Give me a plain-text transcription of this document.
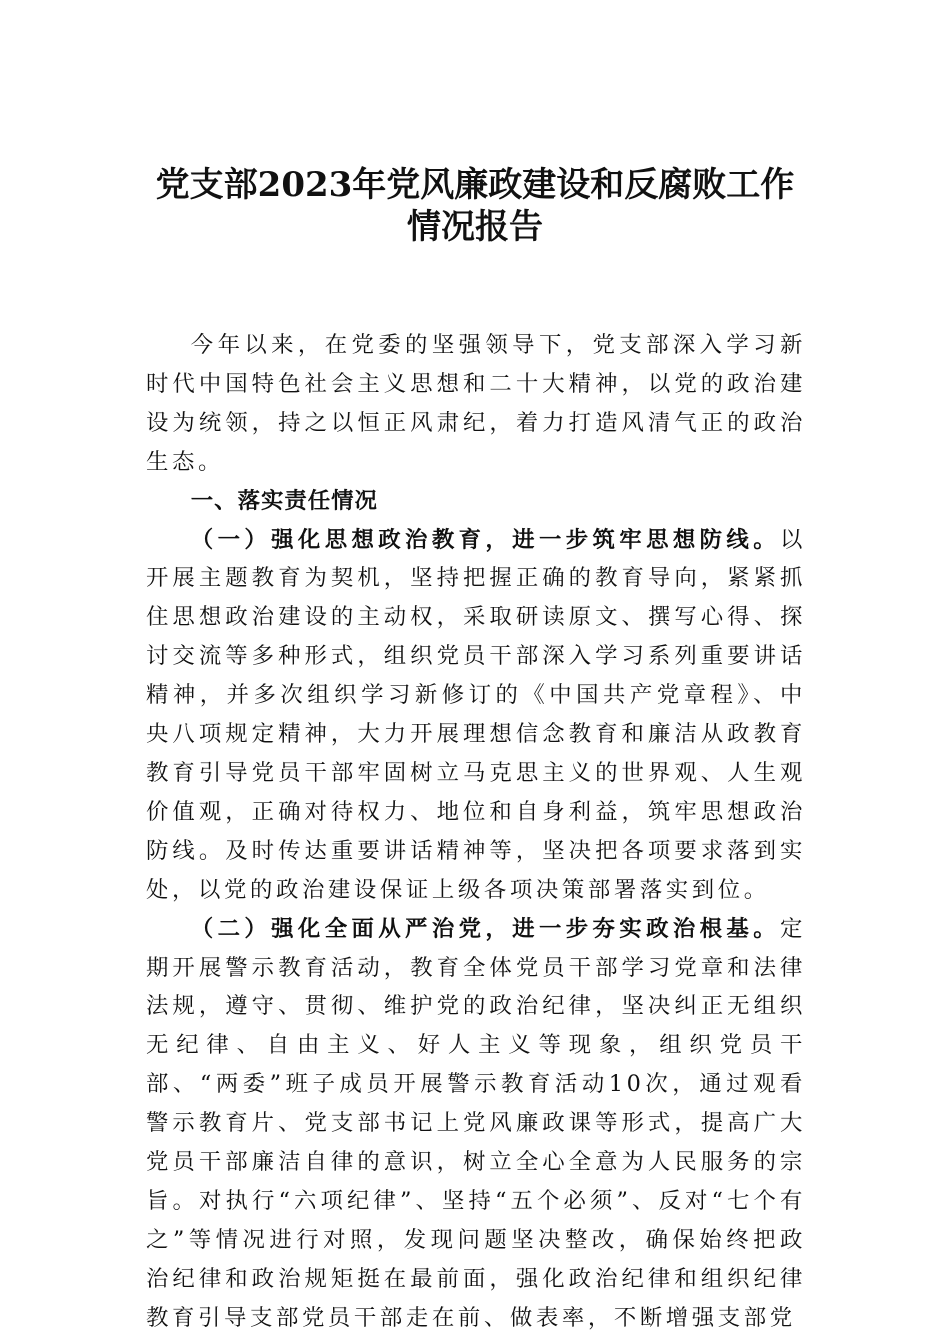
党支部2023年党风廉政建设和反腐败工作
情况报告

今年以来，在党委的坚强领导下，党支部深入学习新时代中国特色社会主义思想和二十大精神，以党的政治建设为统领，持之以恒正风肃纪，着力打造风清气正的政治生态。

一、落实责任情况

（一）强化思想政治教育，进一步筑牢思想防线。以开展主题教育为契机，坚持把握正确的教育导向，紧紧抓住思想政治建设的主动权，采取研读原文、撰写心得、探讨交流等多种形式，组织党员干部深入学习系列重要讲话精神，并多次组织学习新修订的《中国共产党章程》、中央八项规定精神，大力开展理想信念教育和廉洁从政教育教育引导党员干部牢固树立马克思主义的世界观、人生观价值观，正确对待权力、地位和自身利益，筑牢思想政治防线。及时传达重要讲话精神等，坚决把各项要求落到实处，以党的政治建设保证上级各项决策部署落实到位。

（二）强化全面从严治党，进一步夯实政治根基。定期开展警示教育活动，教育全体党员干部学习党章和法律法规，遵守、贯彻、维护党的政治纪律，坚决纠正无组织无纪律、自由主义、好人主义等现象，组织党员干部、“两委”班子成员开展警示教育活动10次，通过观看警示教育片、党支部书记上党风廉政课等形式，提高广大党员干部廉洁自律的意识，树立全心全意为人民服务的宗旨。对执行“六项纪律”、坚持“五个必须”、反对“七个有之”等情况进行对照，发现问题坚决整改，确保始终把政治纪律和政治规矩挺在最前面，强化政治纪律和组织纪律教育引导支部党员干部走在前、做表率，不断增强支部党
